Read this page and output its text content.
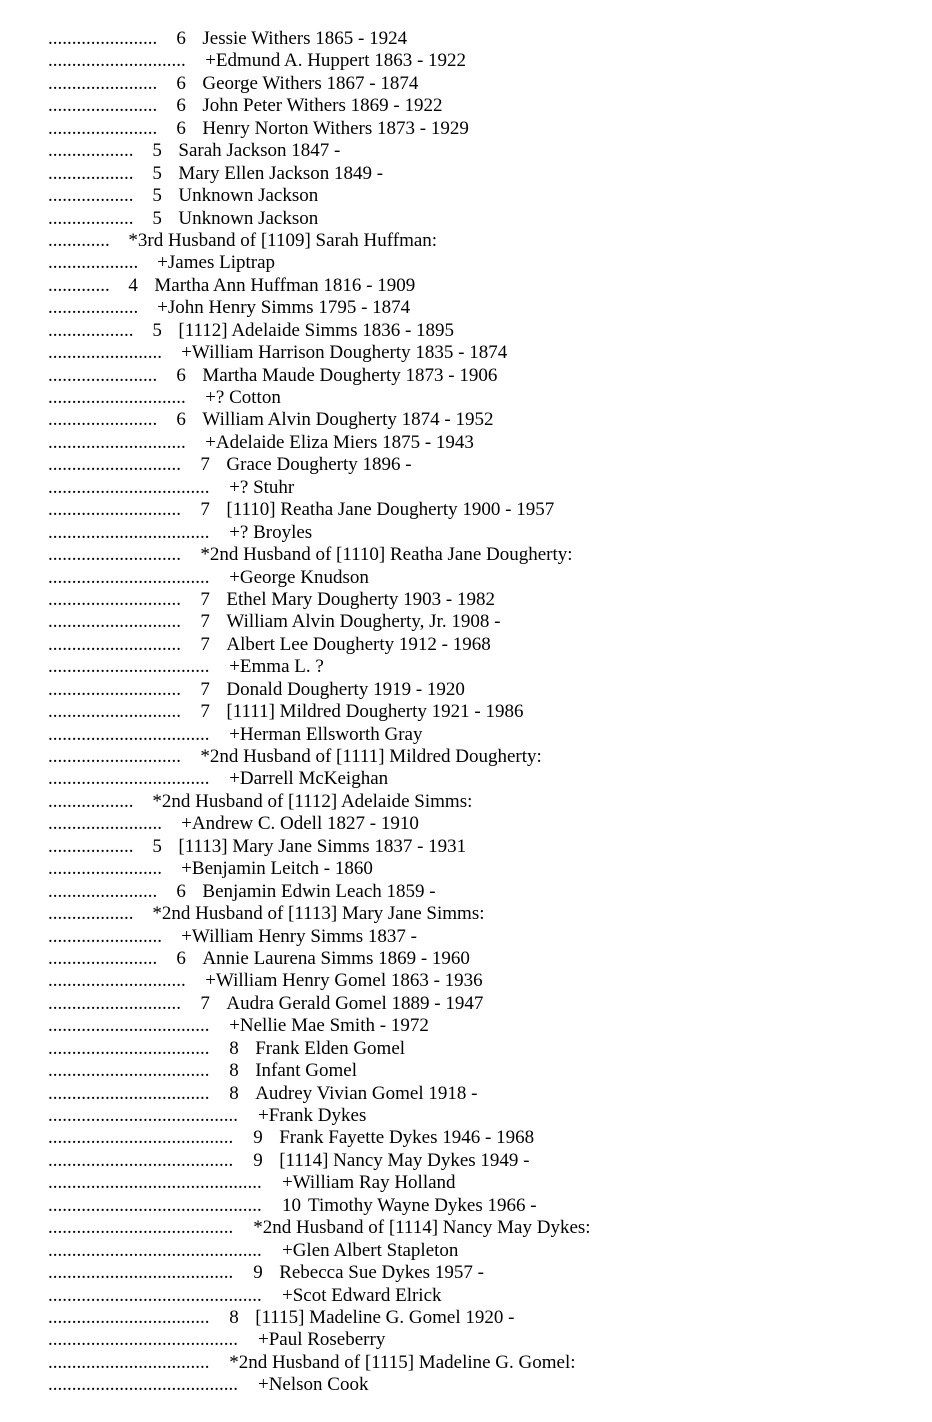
....................... 6 Jessie Withers 1865 - 1924
............................. +Edmund A. Huppert 1863 - 1922
....................... 6 George Withers 1867 - 1874
....................... 6 John Peter Withers 1869 - 1922
....................... 6 Henry Norton Withers 1873 - 1929
.................. 5 Sarah Jackson 1847 -
.................. 5 Mary Ellen Jackson 1849 -
.................. 5 Unknown Jackson
.................. 5 Unknown Jackson
............. *3rd Husband of [1109] Sarah Huffman:
................... +James Liptrap
............. 4 Martha Ann Huffman 1816 - 1909
................... +John Henry Simms 1795 - 1874
.................. 5 [1112] Adelaide Simms 1836 - 1895
........................ +William Harrison Dougherty 1835 - 1874
....................... 6 Martha Maude Dougherty 1873 - 1906
............................. +? Cotton
....................... 6 William Alvin Dougherty 1874 - 1952
............................. +Adelaide Eliza Miers 1875 - 1943
............................ 7 Grace Dougherty 1896 -
.................................. +? Stuhr
............................ 7 [1110] Reatha Jane Dougherty 1900 - 1957
.................................. +? Broyles
............................ *2nd Husband of [1110] Reatha Jane Dougherty:
.................................. +George Knudson
............................ 7 Ethel Mary Dougherty 1903 - 1982
............................ 7 William Alvin Dougherty, Jr. 1908 -
............................ 7 Albert Lee Dougherty 1912 - 1968
.................................. +Emma L. ?
............................ 7 Donald Dougherty 1919 - 1920
............................ 7 [1111] Mildred Dougherty 1921 - 1986
.................................. +Herman Ellsworth Gray
............................ *2nd Husband of [1111] Mildred Dougherty:
.................................. +Darrell McKeighan
.................. *2nd Husband of [1112] Adelaide Simms:
........................ +Andrew C. Odell 1827 - 1910
.................. 5 [1113] Mary Jane Simms 1837 - 1931
........................ +Benjamin Leitch - 1860
....................... 6 Benjamin Edwin Leach 1859 -
.................. *2nd Husband of [1113] Mary Jane Simms:
........................ +William Henry Simms 1837 -
....................... 6 Annie Laurena Simms 1869 - 1960
............................. +William Henry Gomel 1863 - 1936
............................ 7 Audra Gerald Gomel 1889 - 1947
.................................. +Nellie Mae Smith - 1972
.................................. 8 Frank Elden Gomel
.................................. 8 Infant Gomel
.................................. 8 Audrey Vivian Gomel 1918 -
........................................ +Frank Dykes
....................................... 9 Frank Fayette Dykes 1946 - 1968
....................................... 9 [1114] Nancy May Dykes 1949 -
............................................. +William Ray Holland
............................................. 10 Timothy Wayne Dykes 1966 -
....................................... *2nd Husband of [1114] Nancy May Dykes:
............................................. +Glen Albert Stapleton
....................................... 9 Rebecca Sue Dykes 1957 -
............................................. +Scot Edward Elrick
.................................. 8 [1115] Madeline G. Gomel 1920 -
........................................ +Paul Roseberry
.................................. *2nd Husband of [1115] Madeline G. Gomel:
........................................ +Nelson Cook
